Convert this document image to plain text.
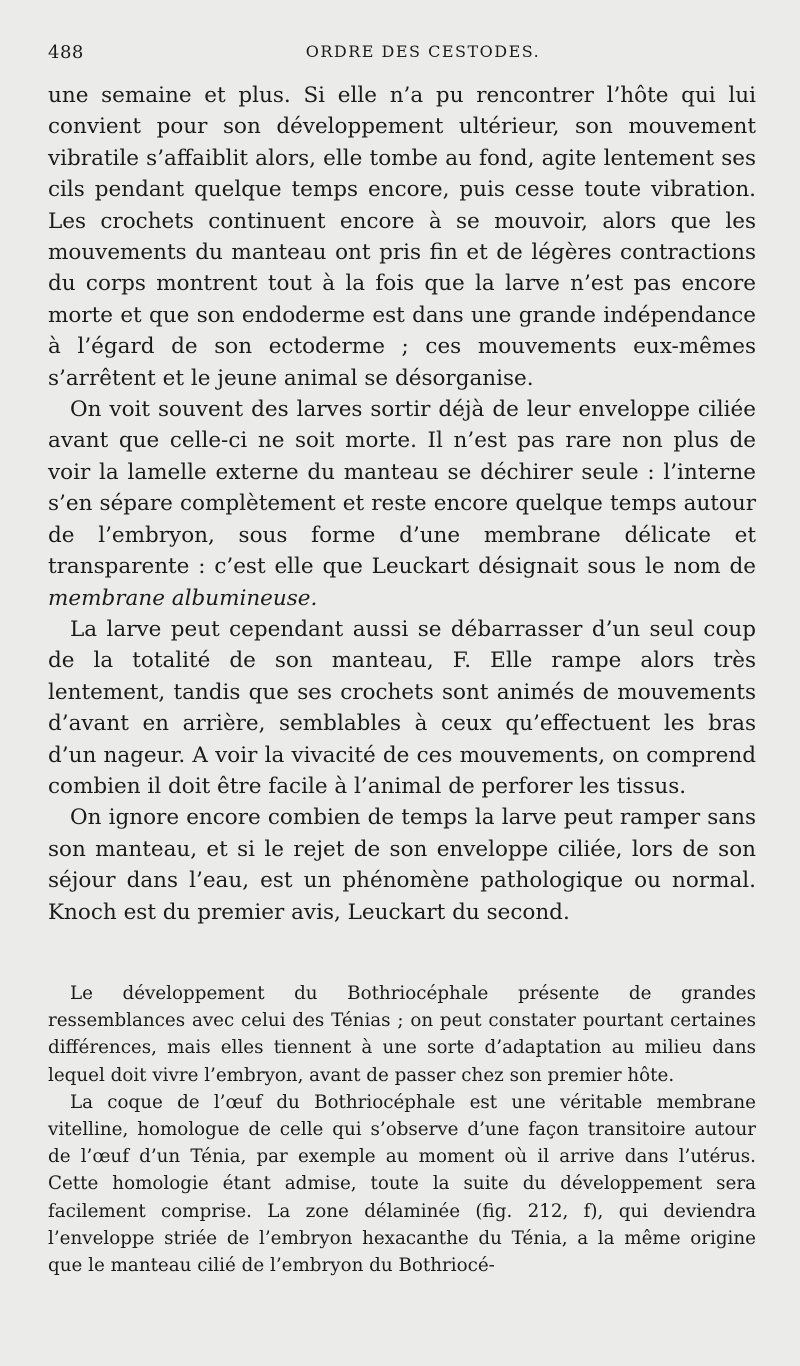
488	ORDRE DES CESTODES.

une semaine et plus. Si elle n’a pu rencontrer l’hôte qui lui convient pour son développement ultérieur, son mouvement vibratile s’affaiblit alors, elle tombe au fond, agite lentement ses cils pendant quelque temps encore, puis cesse toute vibration. Les crochets continuent encore à se mouvoir, alors que les mouvements du manteau ont pris fin et de légères contractions du corps montrent tout à la fois que la larve n’est pas encore morte et que son endoderme est dans une grande indépendance à l’égard de son ectoderme ; ces mouvements eux-mêmes s’arrêtent et le jeune animal se désorganise.

On voit souvent des larves sortir déjà de leur enveloppe ciliée avant que celle-ci ne soit morte. Il n’est pas rare non plus de voir la lamelle externe du manteau se déchirer seule : l’interne s’en sépare complètement et reste encore quelque temps autour de l’embryon, sous forme d’une membrane délicate et transparente : c’est elle que Leuckart désignait sous le nom de membrane albumineuse.

La larve peut cependant aussi se débarrasser d’un seul coup de la totalité de son manteau, F. Elle rampe alors très lentement, tandis que ses crochets sont animés de mouvements d’avant en arrière, semblables à ceux qu’effectuent les bras d’un nageur. A voir la vivacité de ces mouvements, on comprend combien il doit être facile à l’animal de perforer les tissus.

On ignore encore combien de temps la larve peut ramper sans son manteau, et si le rejet de son enveloppe ciliée, lors de son séjour dans l’eau, est un phénomène pathologique ou normal. Knoch est du premier avis, Leuckart du second.

Le développement du Bothriocéphale présente de grandes ressemblances avec celui des Ténias ; on peut constater pourtant certaines différences, mais elles tiennent à une sorte d’adaptation au milieu dans lequel doit vivre l’embryon, avant de passer chez son premier hôte.

La coque de l’œuf du Bothriocéphale est une véritable membrane vitelline, homologue de celle qui s’observe d’une façon transitoire autour de l’œuf d’un Ténia, par exemple au moment où il arrive dans l’utérus. Cette homologie étant admise, toute la suite du développement sera facilement comprise. La zone délaminée (fig. 212, f), qui deviendra l’enveloppe striée de l’embryon hexacanthe du Ténia, a la même origine que le manteau cilié de l’embryon du Bothriocé-
